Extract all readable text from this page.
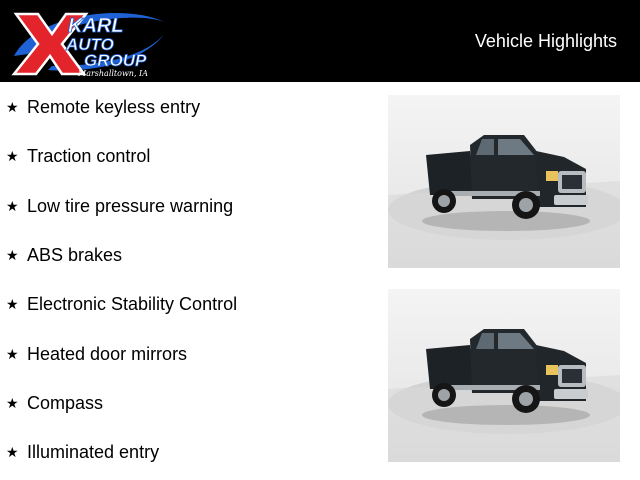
KARL
AUTO
GROUP
Marshalltown, IA
Vehicle Highlights
★ Remote keyless entry
★ Traction control
★ Low tire pressure warning
★ ABS brakes
★ Electronic Stability Control
★ Heated door mirrors
★ Compass
★ Illuminated entry
